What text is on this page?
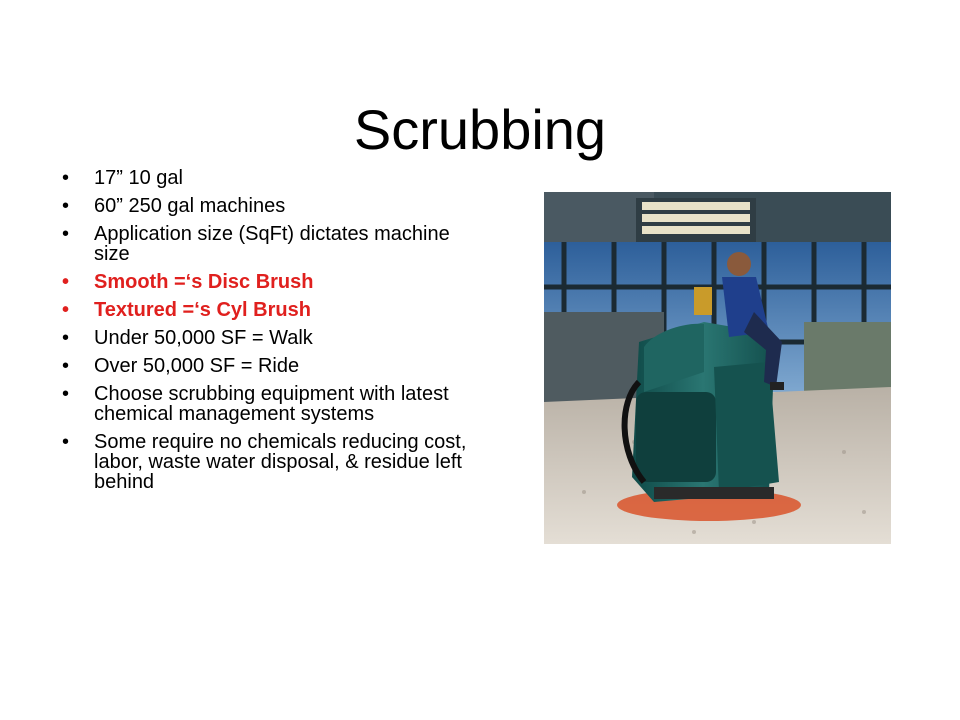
Scrubbing
• 17” 10 gal
• 60” 250 gal machines
• Application size (SqFt) dictates machine size
• Smooth =‘s Disc Brush
• Textured =‘s Cyl Brush
• Under 50,000 SF = Walk
• Over 50,000 SF = Ride
• Choose scrubbing equipment with latest chemical management systems
• Some require no chemicals reducing cost, labor, waste water disposal, & residue left behind
